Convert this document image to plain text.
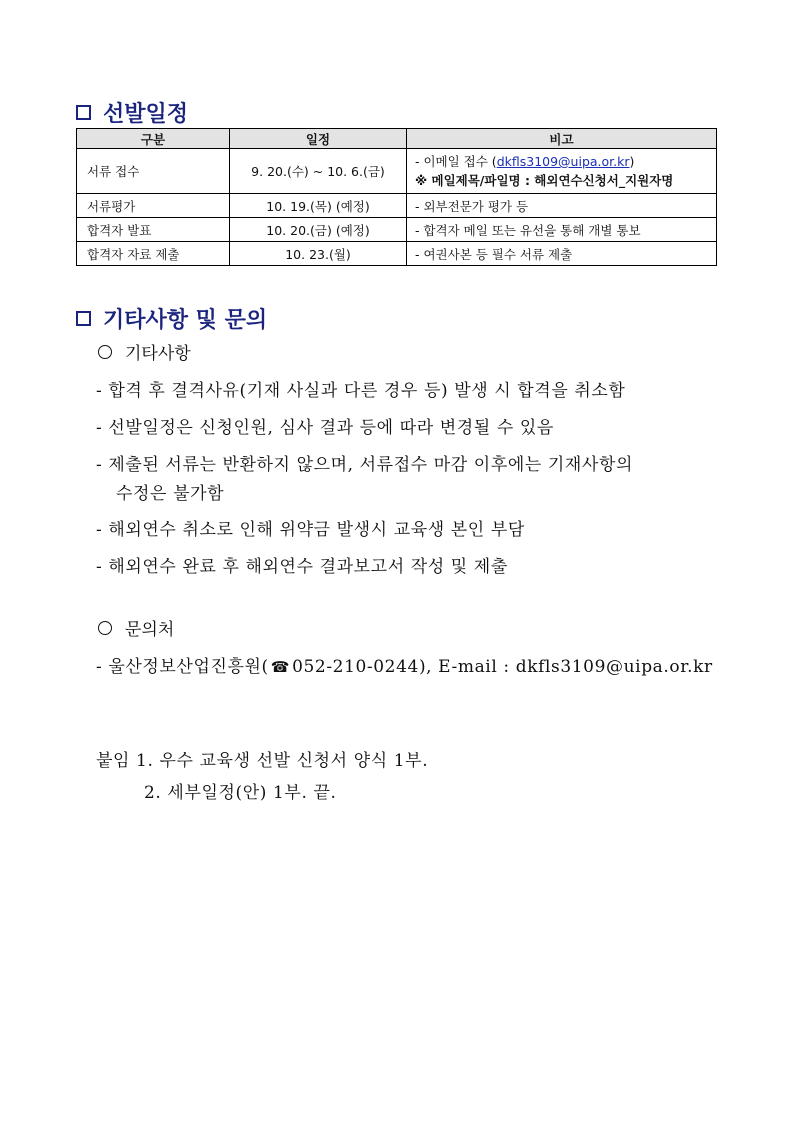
선발일정
구분	일정	비고
서류 접수	9. 20.(수) ~ 10. 6.(금)	- 이메일 접수 (dkfls3109@uipa.or.kr)
※ 메일제목/파일명 : 해외연수신청서_지원자명

서류평가	10. 19.(목) (예정)	- 외부전문가 평가 등
합격자 발표	10. 20.(금) (예정)	- 합격자 메일 또는 유선을 통해 개별 통보
합격자 자료 제출	10. 23.(월)	- 여권사본 등 필수 서류 제출
기타사항 및 문의
기타사항
- 합격 후 결격사유(기재 사실과 다른 경우 등) 발생 시 합격을 취소함
- 선발일정은 신청인원, 심사 결과 등에 따라 변경될 수 있음
- 제출된 서류는 반환하지 않으며, 서류접수 마감 이후에는 기재사항의
수정은 불가함
- 해외연수 취소로 인해 위약금 발생시 교육생 본인 부담
- 해외연수 완료 후 해외연수 결과보고서 작성 및 제출
문의처
- 울산정보산업진흥원( ☎ 052-210-0244), E-mail : dkfls3109@uipa.or.kr
붙임 1. 우수 교육생 선발 신청서 양식 1부.
2. 세부일정(안) 1부. 끝.
